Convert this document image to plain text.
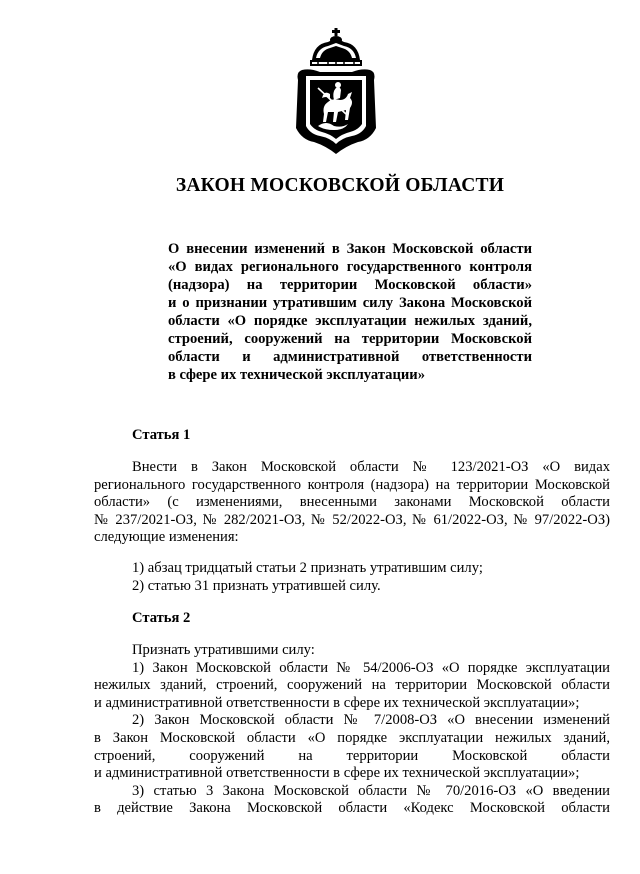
ЗАКОН МОСКОВСКОЙ ОБЛАСТИ
О внесении изменений в Закон Московской области
«О видах регионального государственного контроля
(надзора) на территории Московской области»
и о признании утратившим силу Закона Московской
области «О порядке эксплуатации нежилых зданий,
строений, сооружений на территории Московской
области и административной ответственности
в сфере их технической эксплуатации»
Статья 1
Внести в Закон Московской области № 123/2021-ОЗ «О видах
регионального государственного контроля (надзора) на территории Московской
области» (с изменениями, внесенными законами Московской области
№ 237/2021-ОЗ, № 282/2021-ОЗ, № 52/2022-ОЗ, № 61/2022-ОЗ, № 97/2022-ОЗ)
следующие изменения:
1) абзац тридцатый статьи 2 признать утратившим силу;
2) статью 31 признать утратившей силу.
Статья 2
Признать утратившими силу:
1) Закон Московской области № 54/2006-ОЗ «О порядке эксплуатации
нежилых зданий, строений, сооружений на территории Московской области
и административной ответственности в сфере их технической эксплуатации»;
2) Закон Московской области № 7/2008-ОЗ «О внесении изменений
в Закон Московской области «О порядке эксплуатации нежилых зданий,
строений, сооружений на территории Московской области
и административной ответственности в сфере их технической эксплуатации»;
3) статью 3 Закона Московской области № 70/2016-ОЗ «О введении
в действие Закона Московской области «Кодекс Московской области
